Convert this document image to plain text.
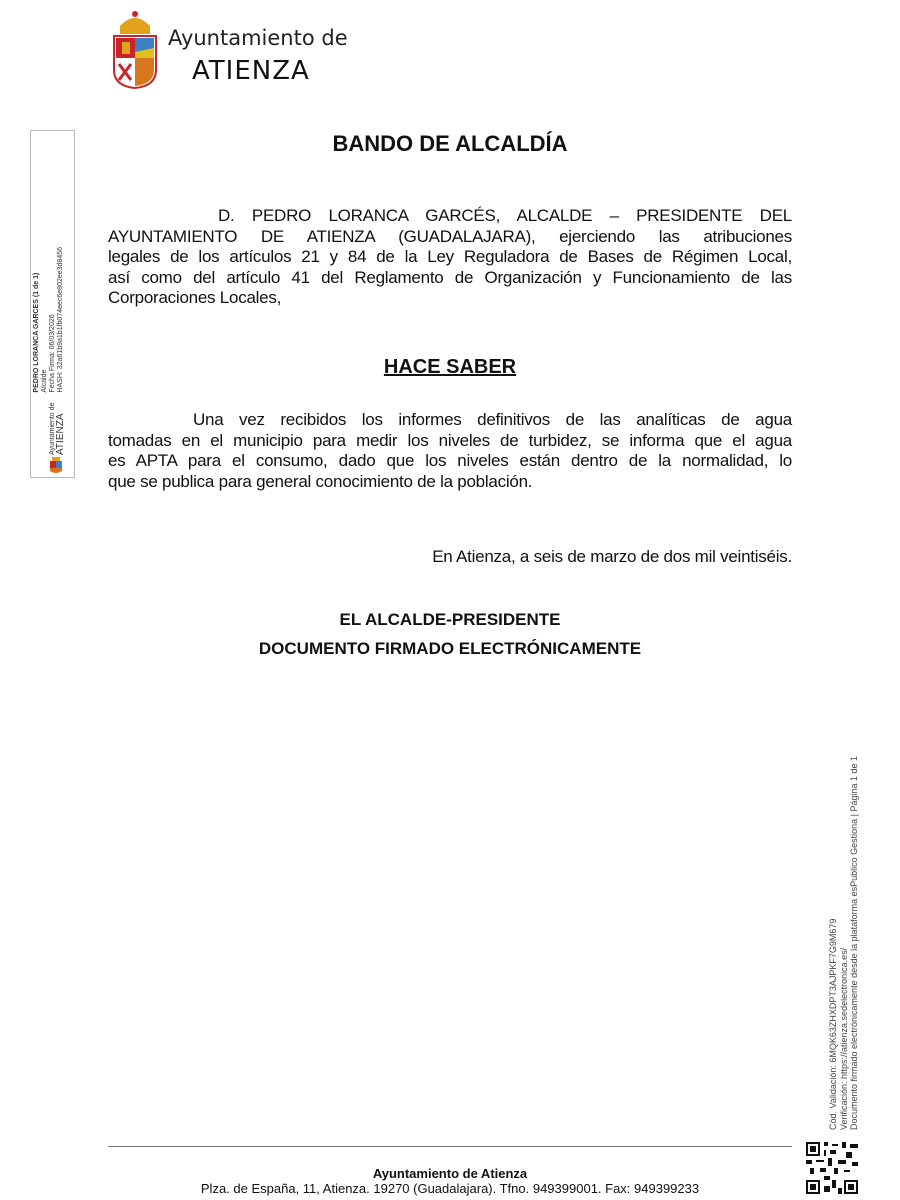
Ayuntamiento de
ATIENZA
Ayuntamiento de ATIENZA
PEDRO LORANCA GARCES (1 de 1) Alcalde Fecha Firma: 06/03/2026 HASH: 32a61b9a1b1fb074eec6e802ee3d8456
BANDO DE ALCALDÍA
D. PEDRO LORANCA GARCÉS, ALCALDE – PRESIDENTE DEL
AYUNTAMIENTO DE ATIENZA (GUADALAJARA), ejerciendo las atribuciones
legales de los artículos 21 y 84 de la Ley Reguladora de Bases de Régimen Local,
así como del artículo 41 del Reglamento de Organización y Funcionamiento de las
Corporaciones Locales,
HACE SABER
Una vez recibidos los informes definitivos de las analíticas de agua
tomadas en el municipio para medir los niveles de turbidez, se informa que el agua
es APTA para el consumo, dado que los niveles están dentro de la normalidad, lo
que se publica para general conocimiento de la población.
En Atienza, a seis de marzo de dos mil veintiséis.
EL ALCALDE-PRESIDENTE
DOCUMENTO FIRMADO ELECTRÓNICAMENTE
Cód. Validación: 6MQK63ZHXDPT3AJPKF7G9M679 Verificación: https://atienza.sedelectronica.es/ Documento firmado electrónicamente desde la plataforma esPublico Gestiona | Página 1 de 1
Ayuntamiento de Atienza
Plza. de España, 11, Atienza. 19270 (Guadalajara). Tfno. 949399001. Fax: 949399233
